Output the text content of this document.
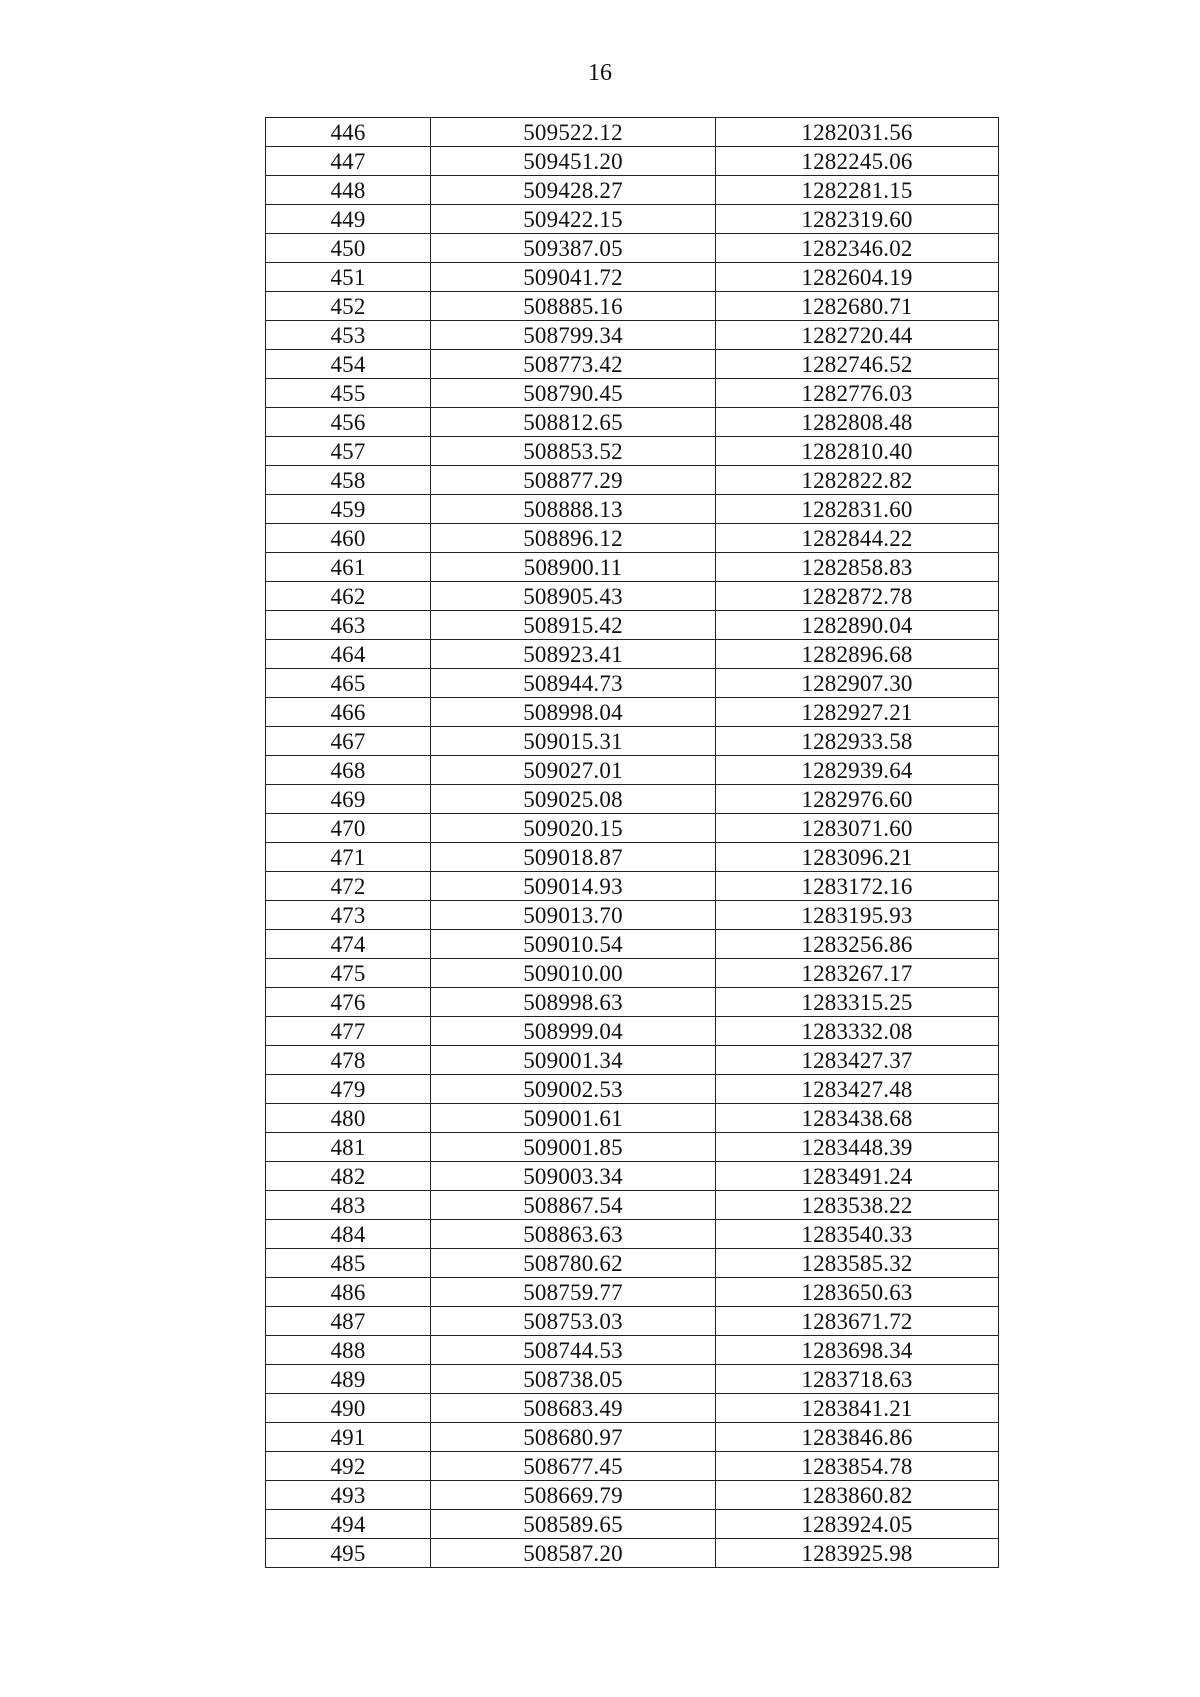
16
446	509522.12	1282031.56
447	509451.20	1282245.06
448	509428.27	1282281.15
449	509422.15	1282319.60
450	509387.05	1282346.02
451	509041.72	1282604.19
452	508885.16	1282680.71
453	508799.34	1282720.44
454	508773.42	1282746.52
455	508790.45	1282776.03
456	508812.65	1282808.48
457	508853.52	1282810.40
458	508877.29	1282822.82
459	508888.13	1282831.60
460	508896.12	1282844.22
461	508900.11	1282858.83
462	508905.43	1282872.78
463	508915.42	1282890.04
464	508923.41	1282896.68
465	508944.73	1282907.30
466	508998.04	1282927.21
467	509015.31	1282933.58
468	509027.01	1282939.64
469	509025.08	1282976.60
470	509020.15	1283071.60
471	509018.87	1283096.21
472	509014.93	1283172.16
473	509013.70	1283195.93
474	509010.54	1283256.86
475	509010.00	1283267.17
476	508998.63	1283315.25
477	508999.04	1283332.08
478	509001.34	1283427.37
479	509002.53	1283427.48
480	509001.61	1283438.68
481	509001.85	1283448.39
482	509003.34	1283491.24
483	508867.54	1283538.22
484	508863.63	1283540.33
485	508780.62	1283585.32
486	508759.77	1283650.63
487	508753.03	1283671.72
488	508744.53	1283698.34
489	508738.05	1283718.63
490	508683.49	1283841.21
491	508680.97	1283846.86
492	508677.45	1283854.78
493	508669.79	1283860.82
494	508589.65	1283924.05
495	508587.20	1283925.98
